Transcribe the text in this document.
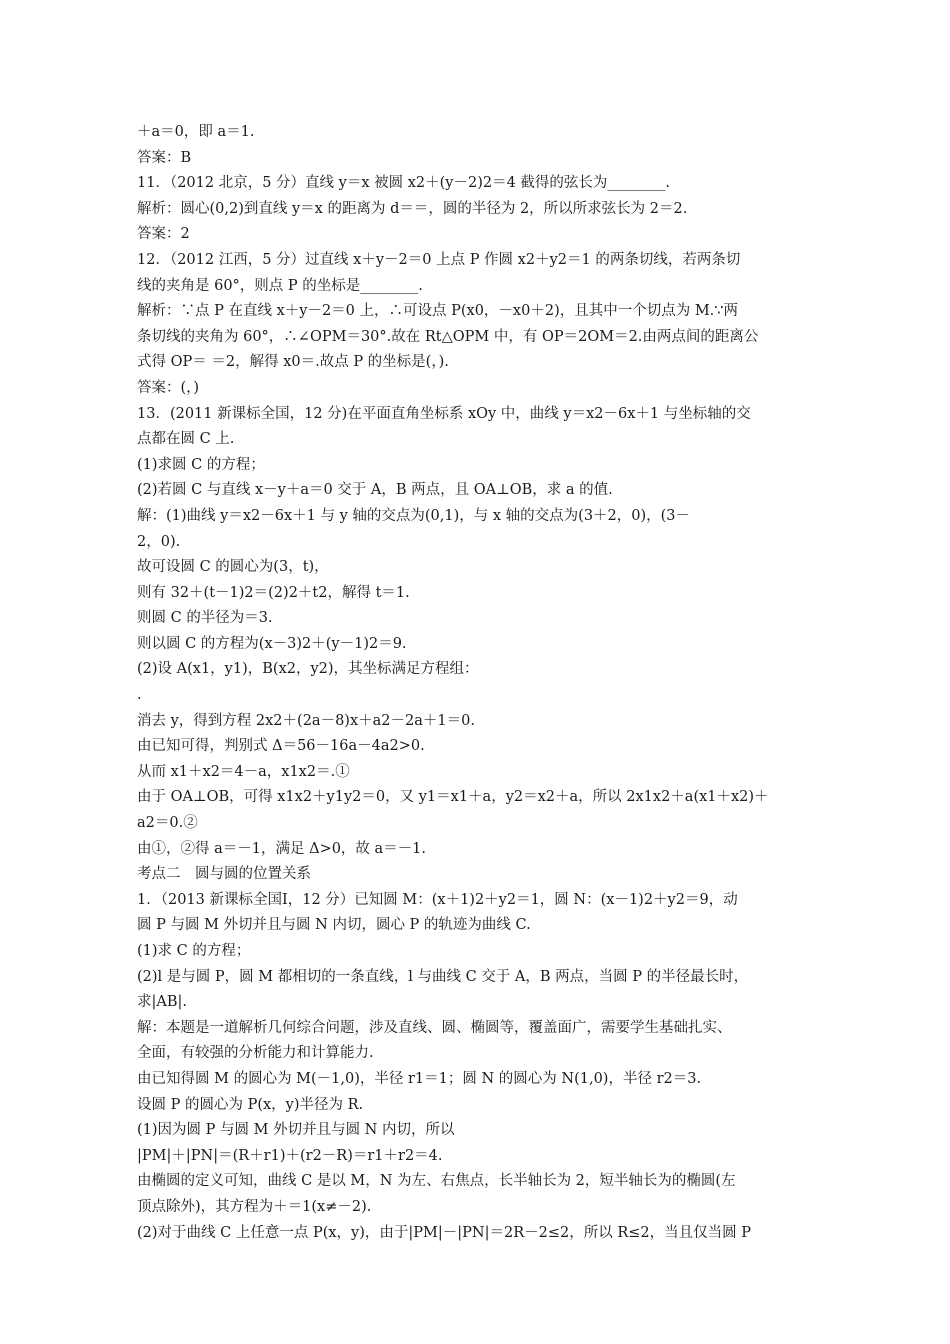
＋a＝0，即 a＝1.
答案：B
11．（2012 北京，5 分）直线 y＝x 被圆 x2＋(y－2)2＝4 截得的弦长为________.
解析：圆心(0,2)到直线 y＝x 的距离为 d＝＝，圆的半径为 2，所以所求弦长为 2＝2.
答案：2
12．（2012 江西，5 分）过直线 x＋y－2＝0 上点 P 作圆 x2＋y2＝1 的两条切线，若两条切
线的夹角是 60°，则点 P 的坐标是________.
解析：∵点 P 在直线 x＋y－2＝0 上，∴可设点 P(x0，－x0＋2)，且其中一个切点为 M.∵两
条切线的夹角为 60°，∴∠OPM＝30°.故在 Rt△OPM 中，有 OP＝2OM＝2.由两点间的距离公
式得 OP＝ ＝2，解得 x0＝.故点 P 的坐标是(，).
答案：(，)
13．(2011 新课标全国，12 分)在平面直角坐标系 xOy 中，曲线 y＝x2－6x＋1 与坐标轴的交
点都在圆 C 上.
(1)求圆 C 的方程；
(2)若圆 C 与直线 x－y＋a＝0 交于 A，B 两点，且 OA⊥OB，求 a 的值.
解：(1)曲线 y＝x2－6x＋1 与 y 轴的交点为(0,1)，与 x 轴的交点为(3＋2，0)，(3－
2，0).
故可设圆 C 的圆心为(3，t)，
则有 32＋(t－1)2＝(2)2＋t2，解得 t＝1.
则圆 C 的半径为＝3.
则以圆 C 的方程为(x－3)2＋(y－1)2＝9.
(2)设 A(x1，y1)，B(x2，y2)，其坐标满足方程组：
.
消去 y，得到方程 2x2＋(2a－8)x＋a2－2a＋1＝0.
由已知可得，判别式 Δ＝56－16a－4a2>0.
从而 x1＋x2＝4－a，x1x2＝.①
由于 OA⊥OB，可得 x1x2＋y1y2＝0，又 y1＝x1＋a，y2＝x2＋a，所以 2x1x2＋a(x1＋x2)＋
a2＝0.②
由①，②得 a＝－1，满足 Δ>0，故 a＝－1.
考点二　圆与圆的位置关系
1．（2013 新课标全国Ⅰ，12 分）已知圆 M：(x＋1)2＋y2＝1，圆 N：(x－1)2＋y2＝9，动
圆 P 与圆 M 外切并且与圆 N 内切，圆心 P 的轨迹为曲线 C.
(1)求 C 的方程；
(2)l 是与圆 P，圆 M 都相切的一条直线，l 与曲线 C 交于 A，B 两点，当圆 P 的半径最长时，
求|AB|.
解：本题是一道解析几何综合问题，涉及直线、圆、椭圆等，覆盖面广，需要学生基础扎实、
全面，有较强的分析能力和计算能力.
由已知得圆 M 的圆心为 M(－1,0)，半径 r1＝1；圆 N 的圆心为 N(1,0)，半径 r2＝3.
设圆 P 的圆心为 P(x，y)半径为 R.
(1)因为圆 P 与圆 M 外切并且与圆 N 内切，所以
|PM|＋|PN|＝(R＋r1)＋(r2－R)＝r1＋r2＝4.
由椭圆的定义可知，曲线 C 是以 M，N 为左、右焦点，长半轴长为 2，短半轴长为的椭圆(左
顶点除外)，其方程为＋＝1(x≠－2).
(2)对于曲线 C 上任意一点 P(x，y)，由于|PM|－|PN|＝2R－2≤2，所以 R≤2，当且仅当圆 P
